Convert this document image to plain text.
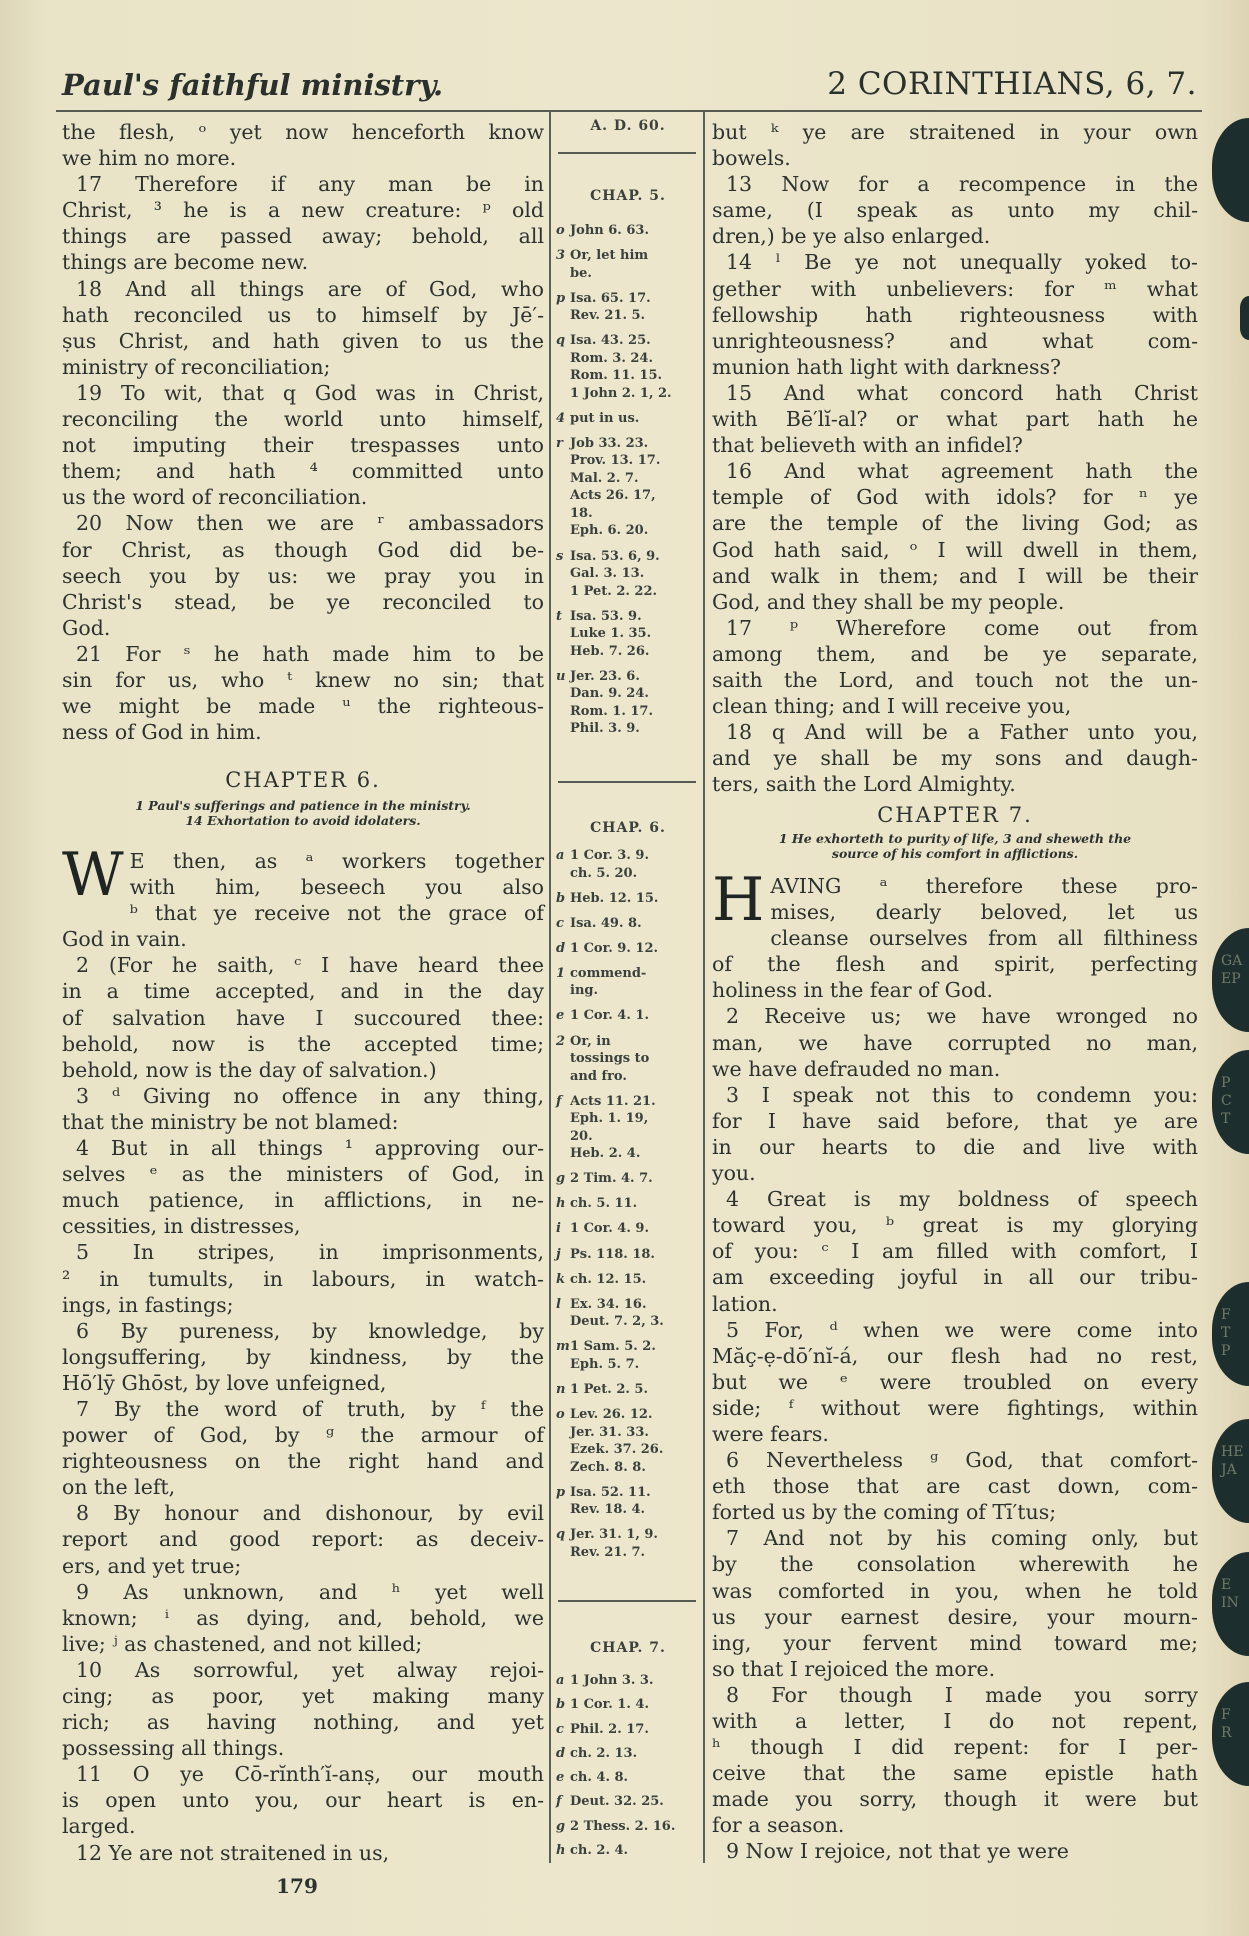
Paul's faithful ministry.	2 CORINTHIANS, 6, 7.
the flesh, ᵒ yet now henceforth know
we him no more.
17 Therefore if any man be in
Christ, ³ he is a new creature: ᵖ old
things are passed away; behold, all
things are become new.
18 And all things are of God, who
hath reconciled us to himself by Jē′-
ṣus Christ, and hath given to us the
ministry of reconciliation;
19 To wit, that q God was in Christ,
reconciling the world unto himself,
not imputing their trespasses unto
them; and hath ⁴ committed unto
us the word of reconciliation.
20 Now then we are ʳ ambassadors
for Christ, as though God did be-
seech you by us: we pray you in
Christ's stead, be ye reconciled to
God.
21 For ˢ he hath made him to be
sin for us, who ᵗ knew no sin; that
we might be made ᵘ the righteous-
ness of God in him.
CHAPTER 6.
1 Paul's sufferings and patience in the ministry.
14 Exhortation to avoid idolaters.
W E then, as ᵃ workers together
with him, beseech you also
ᵇ that ye receive not the grace of
God in vain.
2 (For he saith, ᶜ I have heard thee
in a time accepted, and in the day
of salvation have I succoured thee:
behold, now is the accepted time;
behold, now is the day of salvation.)
3 ᵈ Giving no offence in any thing,
that the ministry be not blamed:
4 But in all things ¹ approving our-
selves ᵉ as the ministers of God, in
much patience, in afflictions, in ne-
cessities, in distresses,
5 In stripes, in imprisonments,
² in tumults, in labours, in watch-
ings, in fastings;
6 By pureness, by knowledge, by
longsuffering, by kindness, by the
Hō′lȳ Ghōst, by love unfeigned,
7 By the word of truth, by ᶠ the
power of God, by ᵍ the armour of
righteousness on the right hand and
on the left,
8 By honour and dishonour, by evil
report and good report: as deceiv-
ers, and yet true;
9 As unknown, and ʰ yet well
known; ⁱ as dying, and, behold, we
live; ʲ as chastened, and not killed;
10 As sorrowful, yet alway rejoi-
cing; as poor, yet making many
rich; as having nothing, and yet
possessing all things.
11 O ye Cō-rĭnth′ĭ-anṣ, our mouth
is open unto you, our heart is en-
larged.
12 Ye are not straitened in us,
but ᵏ ye are straitened in your own
bowels.
13 Now for a recompence in the
same, (I speak as unto my chil-
dren,) be ye also enlarged.
14 ˡ Be ye not unequally yoked to-
gether with unbelievers: for ᵐ what
fellowship hath righteousness with
unrighteousness? and what com-
munion hath light with darkness?
15 And what concord hath Christ
with Bē′lĭ-al? or what part hath he
that believeth with an infidel?
16 And what agreement hath the
temple of God with idols? for ⁿ ye
are the temple of the living God; as
God hath said, ᵒ I will dwell in them,
and walk in them; and I will be their
God, and they shall be my people.
17 ᵖ Wherefore come out from
among them, and be ye separate,
saith the Lord, and touch not the un-
clean thing; and I will receive you,
18 q And will be a Father unto you,
and ye shall be my sons and daugh-
ters, saith the Lord Almighty.
CHAPTER 7.
1 He exhorteth to purity of life, 3 and sheweth the
source of his comfort in afflictions.
H AVING ᵃ therefore these pro-
mises, dearly beloved, let us
cleanse ourselves from all filthiness
of the flesh and spirit, perfecting
holiness in the fear of God.
2 Receive us; we have wronged no
man, we have corrupted no man,
we have defrauded no man.
3 I speak not this to condemn you:
for I have said before, that ye are
in our hearts to die and live with
you.
4 Great is my boldness of speech
toward you, ᵇ great is my glorying
of you: ᶜ I am filled with comfort, I
am exceeding joyful in all our tribu-
lation.
5 For, ᵈ when we were come into
Măç-ẹ-dō′nĭ-á, our flesh had no rest,
but we ᵉ were troubled on every
side; ᶠ without were fightings, within
were fears.
6 Nevertheless ᵍ God, that comfort-
eth those that are cast down, com-
forted us by the coming of Tī′tus;
7 And not by his coming only, but
by the consolation wherewith he
was comforted in you, when he told
us your earnest desire, your mourn-
ing, your fervent mind toward me;
so that I rejoiced the more.
8 For though I made you sorry
with a letter, I do not repent,
ʰ though I did repent: for I per-
ceive that the same epistle hath
made you sorry, though it were but
for a season.
9 Now I rejoice, not that ye were
A. D. 60.
CHAP. 5.
o John 6. 63.
3 Or, let him
be.
p Isa. 65. 17.
Rev. 21. 5.
q Isa. 43. 25.
Rom. 3. 24.
Rom. 11. 15.
1 John 2. 1, 2.
4 put in us.
r Job 33. 23.
Prov. 13. 17.
Mal. 2. 7.
Acts 26. 17,
18.
Eph. 6. 20.
s Isa. 53. 6, 9.
Gal. 3. 13.
1 Pet. 2. 22.
t Isa. 53. 9.
Luke 1. 35.
Heb. 7. 26.
u Jer. 23. 6.
Dan. 9. 24.
Rom. 1. 17.
Phil. 3. 9.
CHAP. 6.
a 1 Cor. 3. 9.
ch. 5. 20.
b Heb. 12. 15.
c Isa. 49. 8.
d 1 Cor. 9. 12.
1 commend-
ing.
e 1 Cor. 4. 1.
2 Or, in
tossings to
and fro.
f Acts 11. 21.
Eph. 1. 19,
20.
Heb. 2. 4.
g 2 Tim. 4. 7.
h ch. 5. 11.
i 1 Cor. 4. 9.
j Ps. 118. 18.
k ch. 12. 15.
l Ex. 34. 16.
Deut. 7. 2, 3.
m 1 Sam. 5. 2.
Eph. 5. 7.
n 1 Pet. 2. 5.
o Lev. 26. 12.
Jer. 31. 33.
Ezek. 37. 26.
Zech. 8. 8.
p Isa. 52. 11.
Rev. 18. 4.
q Jer. 31. 1, 9.
Rev. 21. 7.
CHAP. 7.
a 1 John 3. 3.
b 1 Cor. 1. 4.
c Phil. 2. 17.
d ch. 2. 13.
e ch. 4. 8.
f Deut. 32. 25.
g 2 Thess. 2. 16.
h ch. 2. 4.
179
GA
EP
P
C
T
F
T
P
HE
JA
E
IN
F
R
